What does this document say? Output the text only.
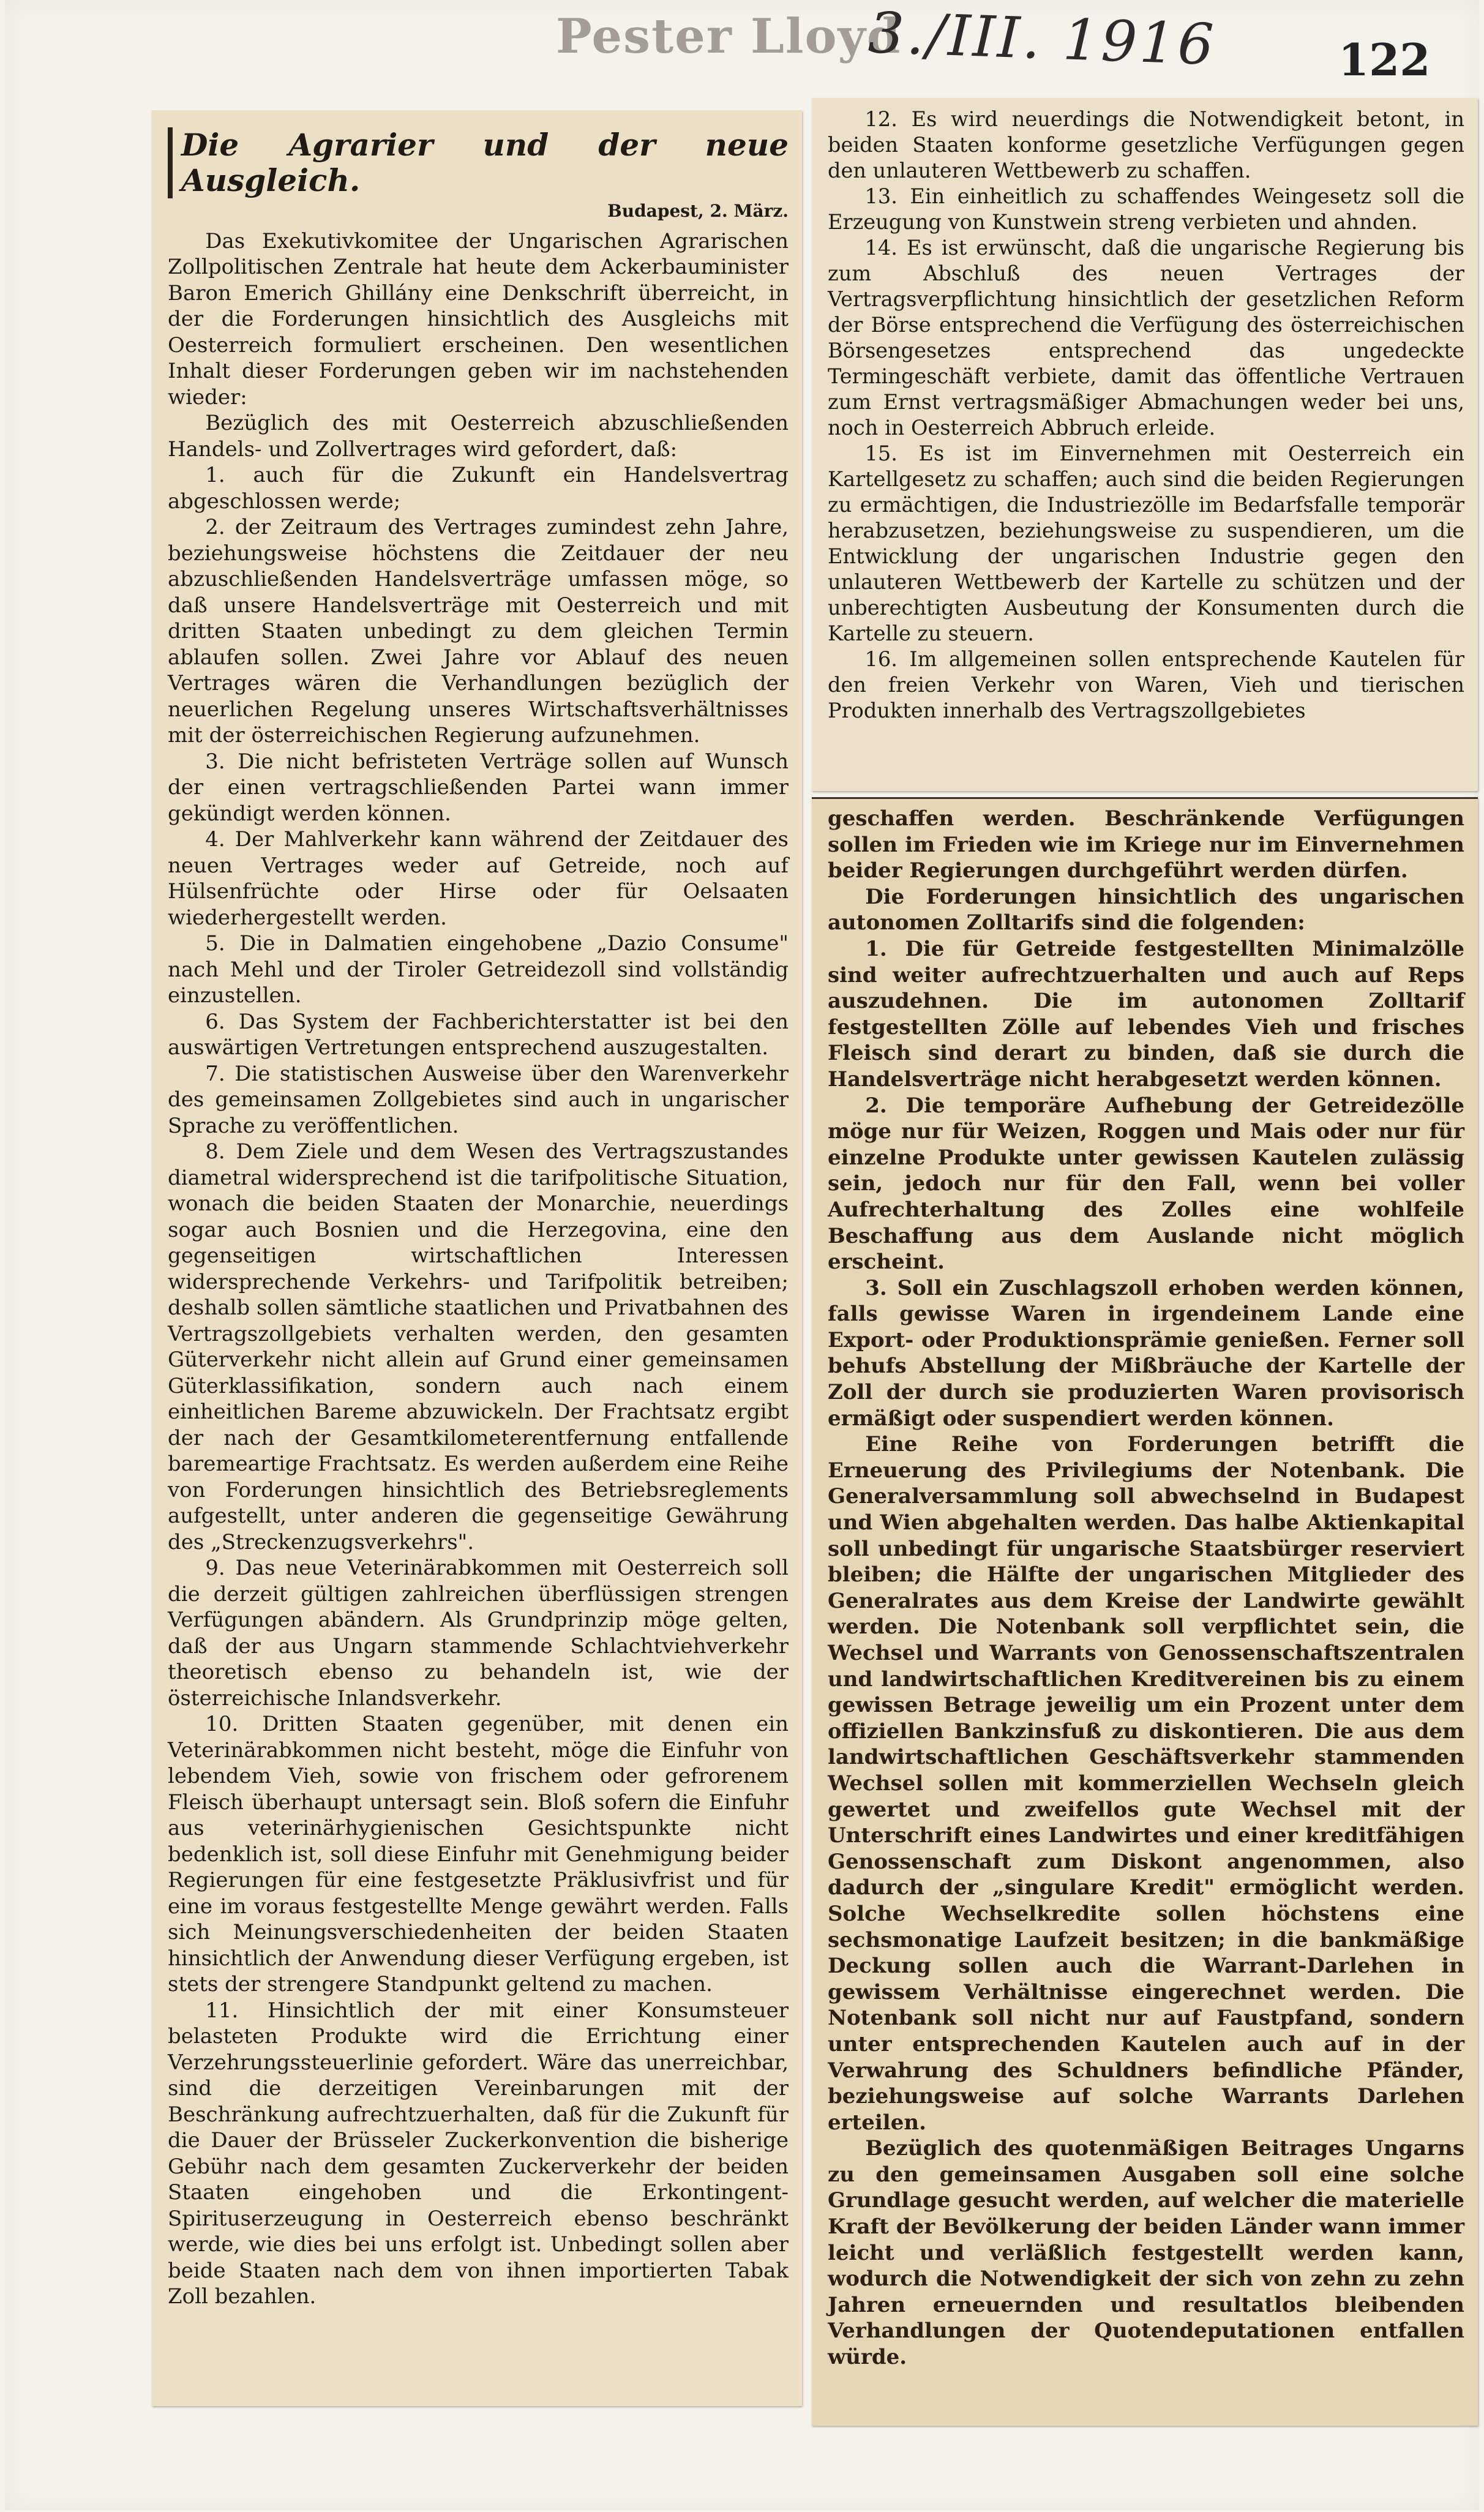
Pester Lloyd
3./III. 1916	122

Die Agrarier und der neue Ausgleich.

Budapest, 2. März.

Das Exekutivkomitee der Ungarischen Agrarischen Zollpolitischen Zentrale hat heute dem Ackerbauminister Baron Emerich Ghillány eine Denkschrift überreicht, in der die Forderungen hinsichtlich des Ausgleichs mit Oesterreich formuliert erscheinen. Den wesentlichen Inhalt dieser Forderungen geben wir im nachstehenden wieder:

Bezüglich des mit Oesterreich abzuschließenden Handels- und Zollvertrages wird gefordert, daß:

1. auch für die Zukunft ein Handelsvertrag abgeschlossen werde;

2. der Zeitraum des Vertrages zumindest zehn Jahre, beziehungsweise höchstens die Zeitdauer der neu abzuschließenden Handelsverträge umfassen möge, so daß unsere Handelsverträge mit Oesterreich und mit dritten Staaten unbedingt zu dem gleichen Termin ablaufen sollen. Zwei Jahre vor Ablauf des neuen Vertrages wären die Verhandlungen bezüglich der neuerlichen Regelung unseres Wirtschaftsverhältnisses mit der österreichischen Regierung aufzunehmen.

3. Die nicht befristeten Verträge sollen auf Wunsch der einen vertragschließenden Partei wann immer gekündigt werden können.

4. Der Mahlverkehr kann während der Zeitdauer des neuen Vertrages weder auf Getreide, noch auf Hülsenfrüchte oder Hirse oder für Oelsaaten wiederhergestellt werden.

5. Die in Dalmatien eingehobene „Dazio Consume" nach Mehl und der Tiroler Getreidezoll sind vollständig einzustellen.

6. Das System der Fachberichterstatter ist bei den auswärtigen Vertretungen entsprechend auszugestalten.

7. Die statistischen Ausweise über den Warenverkehr des gemeinsamen Zollgebietes sind auch in ungarischer Sprache zu veröffentlichen.

8. Dem Ziele und dem Wesen des Vertragszustandes diametral widersprechend ist die tarifpolitische Situation, wonach die beiden Staaten der Monarchie, neuerdings sogar auch Bosnien und die Herzegovina, eine den gegenseitigen wirtschaftlichen Interessen widersprechende Verkehrs- und Tarifpolitik betreiben; deshalb sollen sämtliche staatlichen und Privatbahnen des Vertragszollgebiets verhalten werden, den gesamten Güterverkehr nicht allein auf Grund einer gemeinsamen Güterklassifikation, sondern auch nach einem einheitlichen Bareme abzuwickeln. Der Frachtsatz ergibt der nach der Gesamtkilometerentfernung entfallende baremeartige Frachtsatz. Es werden außerdem eine Reihe von Forderungen hinsichtlich des Betriebsreglements aufgestellt, unter anderen die gegenseitige Gewährung des „Streckenzugsverkehrs".

9. Das neue Veterinärabkommen mit Oesterreich soll die derzeit gültigen zahlreichen überflüssigen strengen Verfügungen abändern. Als Grundprinzip möge gelten, daß der aus Ungarn stammende Schlachtviehverkehr theoretisch ebenso zu behandeln ist, wie der österreichische Inlandsverkehr.

10. Dritten Staaten gegenüber, mit denen ein Veterinärabkommen nicht besteht, möge die Einfuhr von lebendem Vieh, sowie von frischem oder gefrorenem Fleisch überhaupt untersagt sein. Bloß sofern die Einfuhr aus veterinärhygienischen Gesichtspunkte nicht bedenklich ist, soll diese Einfuhr mit Genehmigung beider Regierungen für eine festgesetzte Präklusivfrist und für eine im voraus festgestellte Menge gewährt werden. Falls sich Meinungsverschiedenheiten der beiden Staaten hinsichtlich der Anwendung dieser Verfügung ergeben, ist stets der strengere Standpunkt geltend zu machen.

11. Hinsichtlich der mit einer Konsumsteuer belasteten Produkte wird die Errichtung einer Verzehrungssteuerlinie gefordert. Wäre das unerreichbar, sind die derzeitigen Vereinbarungen mit der Beschränkung aufrechtzuerhalten, daß für die Zukunft für die Dauer der Brüsseler Zuckerkonvention die bisherige Gebühr nach dem gesamten Zuckerverkehr der beiden Staaten eingehoben und die Erkontingent-Spirituserzeugung in Oesterreich ebenso beschränkt werde, wie dies bei uns erfolgt ist. Unbedingt sollen aber beide Staaten nach dem von ihnen importierten Tabak Zoll bezahlen.

12. Es wird neuerdings die Notwendigkeit betont, in beiden Staaten konforme gesetzliche Verfügungen gegen den unlauteren Wettbewerb zu schaffen.

13. Ein einheitlich zu schaffendes Weingesetz soll die Erzeugung von Kunstwein streng verbieten und ahnden.

14. Es ist erwünscht, daß die ungarische Regierung bis zum Abschluß des neuen Vertrages der Vertragsverpflichtung hinsichtlich der gesetzlichen Reform der Börse entsprechend die Verfügung des österreichischen Börsengesetzes entsprechend das ungedeckte Termingeschäft verbiete, damit das öffentliche Vertrauen zum Ernst vertragsmäßiger Abmachungen weder bei uns, noch in Oesterreich Abbruch erleide.

15. Es ist im Einvernehmen mit Oesterreich ein Kartellgesetz zu schaffen; auch sind die beiden Regierungen zu ermächtigen, die Industriezölle im Bedarfsfalle temporär herabzusetzen, beziehungsweise zu suspendieren, um die Entwicklung der ungarischen Industrie gegen den unlauteren Wettbewerb der Kartelle zu schützen und der unberechtigten Ausbeutung der Konsumenten durch die Kartelle zu steuern.

16. Im allgemeinen sollen entsprechende Kautelen für den freien Verkehr von Waren, Vieh und tierischen Produkten innerhalb des Vertragszollgebietes

geschaffen werden. Beschränkende Verfügungen sollen im Frieden wie im Kriege nur im Einvernehmen beider Regierungen durchgeführt werden dürfen.

Die Forderungen hinsichtlich des ungarischen autonomen Zolltarifs sind die folgenden:

1. Die für Getreide festgestellten Minimalzölle sind weiter aufrechtzuerhalten und auch auf Reps auszudehnen. Die im autonomen Zolltarif festgestellten Zölle auf lebendes Vieh und frisches Fleisch sind derart zu binden, daß sie durch die Handelsverträge nicht herabgesetzt werden können.

2. Die temporäre Aufhebung der Getreidezölle möge nur für Weizen, Roggen und Mais oder nur für einzelne Produkte unter gewissen Kautelen zulässig sein, jedoch nur für den Fall, wenn bei voller Aufrechterhaltung des Zolles eine wohlfeile Beschaffung aus dem Auslande nicht möglich erscheint.

3. Soll ein Zuschlagszoll erhoben werden können, falls gewisse Waren in irgendeinem Lande eine Export- oder Produktionsprämie genießen. Ferner soll behufs Abstellung der Mißbräuche der Kartelle der Zoll der durch sie produzierten Waren provisorisch ermäßigt oder suspendiert werden können.

Eine Reihe von Forderungen betrifft die Erneuerung des Privilegiums der Notenbank. Die Generalversammlung soll abwechselnd in Budapest und Wien abgehalten werden. Das halbe Aktienkapital soll unbedingt für ungarische Staatsbürger reserviert bleiben; die Hälfte der ungarischen Mitglieder des Generalrates aus dem Kreise der Landwirte gewählt werden. Die Notenbank soll verpflichtet sein, die Wechsel und Warrants von Genossenschaftszentralen und landwirtschaftlichen Kreditvereinen bis zu einem gewissen Betrage jeweilig um ein Prozent unter dem offiziellen Bankzinsfuß zu diskontieren. Die aus dem landwirtschaftlichen Geschäftsverkehr stammenden Wechsel sollen mit kommerziellen Wechseln gleich gewertet und zweifellos gute Wechsel mit der Unterschrift eines Landwirtes und einer kreditfähigen Genossenschaft zum Diskont angenommen, also dadurch der „singulare Kredit" ermöglicht werden. Solche Wechselkredite sollen höchstens eine sechsmonatige Laufzeit besitzen; in die bankmäßige Deckung sollen auch die Warrant-Darlehen in gewissem Verhältnisse eingerechnet werden. Die Notenbank soll nicht nur auf Faustpfand, sondern unter entsprechenden Kautelen auch auf in der Verwahrung des Schuldners befindliche Pfänder, beziehungsweise auf solche Warrants Darlehen erteilen.

Bezüglich des quotenmäßigen Beitrages Ungarns zu den gemeinsamen Ausgaben soll eine solche Grundlage gesucht werden, auf welcher die materielle Kraft der Bevölkerung der beiden Länder wann immer leicht und verläßlich festgestellt werden kann, wodurch die Notwendigkeit der sich von zehn zu zehn Jahren erneuernden und resultatlos bleibenden Verhandlungen der Quotendeputationen entfallen würde.
